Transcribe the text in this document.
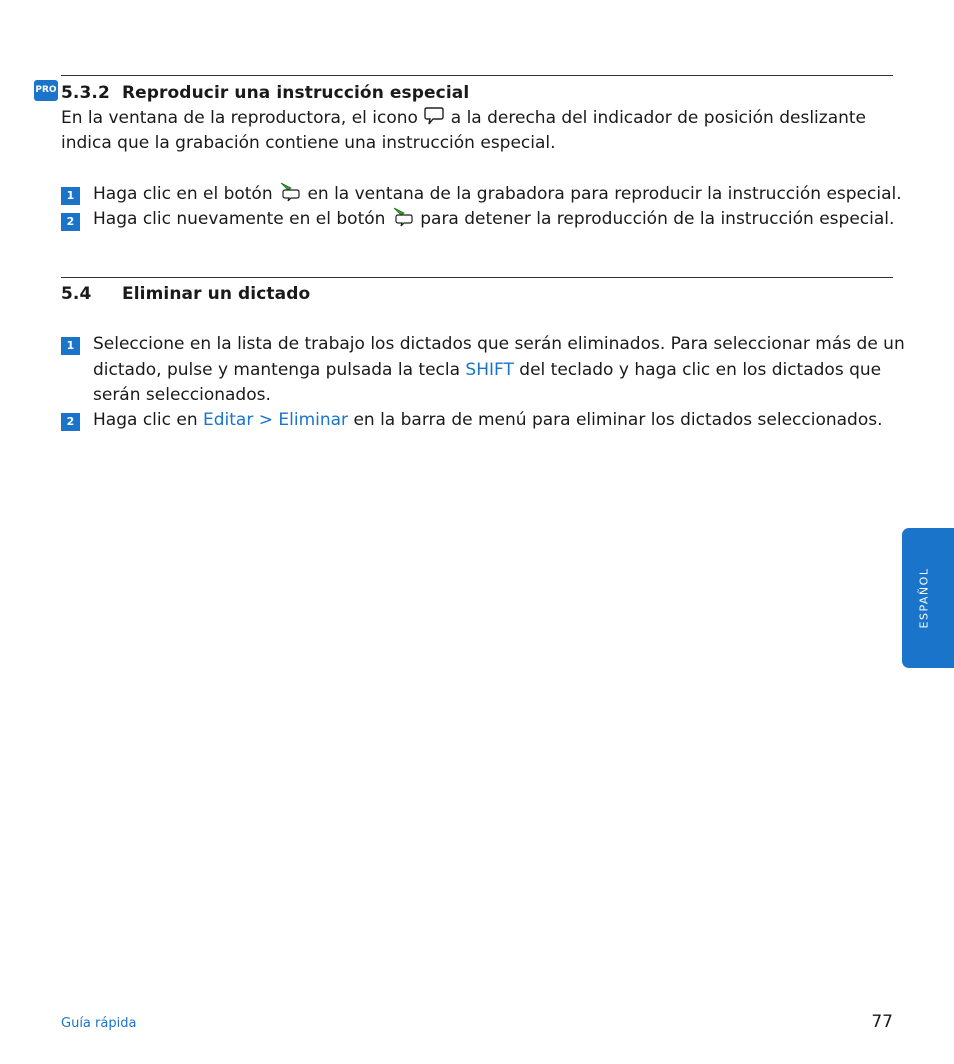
PRO 5.3.2 Reproducir una instrucción especial
En la ventana de la reproductora, el icono a la derecha del indicador de posición deslizante
indica que la grabación contiene una instrucción especial.
1	Haga clic en el botón en la ventana de la grabadora para reproducir la instrucción especial.
2	Haga clic nuevamente en el botón para detener la reproducción de la instrucción especial.
5.4 Eliminar un dictado
1	Seleccione en la lista de trabajo los dictados que serán eliminados. Para seleccionar más de un
dictado, pulse y mantenga pulsada la tecla SHIFT del teclado y haga clic en los dictados que
serán seleccionados.
2	Haga clic en Editar > Eliminar en la barra de menú para eliminar los dictados seleccionados.
ESPAÑOL
Guía rápida	77
